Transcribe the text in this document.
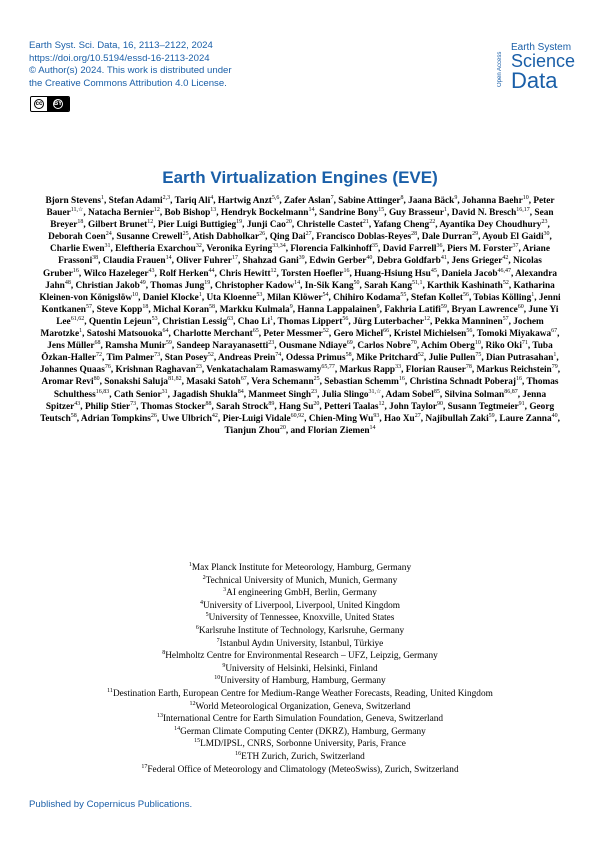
Earth Syst. Sci. Data, 16, 2113–2122, 2024
https://doi.org/10.5194/essd-16-2113-2024
© Author(s) 2024. This work is distributed under
the Creative Commons Attribution 4.0 License.
cc BY
Open Access
Earth System
Science
Data
Earth Virtualization Engines (EVE)
Bjorn Stevens$^1$, Stefan Adami$^{2,3}$, Tariq Ali$^4$, Hartwig Anzt$^{5,6}$, Zafer Aslan$^7$, Sabine Attinger$^8$, Jaana Bäck$^9$, Johanna Baehr$^{10}$, Peter Bauer$^{11,☆}$, Natacha Bernier$^{12}$, Bob Bishop$^{13}$, Hendryk Bockelmann$^{14}$, Sandrine Bony$^{15}$, Guy Brasseur$^1$, David N. Bresch$^{16,17}$, Sean Breyer$^{18}$, Gilbert Brunet$^{12}$, Pier Luigi Buttigieg$^{19}$, Junji Cao$^{20}$, Christelle Castet$^{21}$, Yafang Cheng$^{22}$, Ayantika Dey Choudhury$^{23}$, Deborah Coen$^{24}$, Susanne Crewell$^{25}$, Atish Dabholkar$^{26}$, Qing Dai$^{27}$, Francisco Doblas-Reyes$^{28}$, Dale Durran$^{29}$, Ayoub El Gaidi$^{30}$, Charlie Ewen$^{31}$, Eleftheria Exarchou$^{32}$, Veronika Eyring$^{33,34}$, Florencia Falkinhoff$^{35}$, David Farrell$^{36}$, Piers M. Forster$^{37}$, Ariane Frassoni$^{38}$, Claudia Frauen$^{14}$, Oliver Fuhrer$^{17}$, Shahzad Gani$^{39}$, Edwin Gerber$^{40}$, Debra Goldfarb$^{41}$, Jens Grieger$^{42}$, Nicolas Gruber$^{16}$, Wilco Hazeleger$^{43}$, Rolf Herken$^{44}$, Chris Hewitt$^{12}$, Torsten Hoefler$^{16}$, Huang-Hsiung Hsu$^{45}$, Daniela Jacob$^{46,47}$, Alexandra Jahn$^{48}$, Christian Jakob$^{49}$, Thomas Jung$^{19}$, Christopher Kadow$^{14}$, In-Sik Kang$^{50}$, Sarah Kang$^{51,1}$, Karthik Kashinath$^{52}$, Katharina Kleinen-von Königslöw$^{10}$, Daniel Klocke$^1$, Uta Kloenne$^{53}$, Milan Klöwer$^{54}$, Chihiro Kodama$^{55}$, Stefan Kollet$^{56}$, Tobias Kölling$^1$, Jenni Kontkanen$^{57}$, Steve Kopp$^{18}$, Michal Koran$^{58}$, Markku Kulmala$^9$, Hanna Lappalainen$^9$, Fakhria Latifi$^{59}$, Bryan Lawrence$^{60}$, June Yi Lee$^{61,62}$, Quentin Lejeun$^{53}$, Christian Lessig$^{63}$, Chao Li$^1$, Thomas Lippert$^{56}$, Jürg Luterbacher$^{12}$, Pekka Manninen$^{57}$, Jochem Marotzke$^1$, Satoshi Matsouoka$^{64}$, Charlotte Merchant$^{65}$, Peter Messmer$^{52}$, Gero Michel$^{66}$, Kristel Michielsen$^{56}$, Tomoki Miyakawa$^{67}$, Jens Müller$^{68}$, Ramsha Munir$^{59}$, Sandeep Narayanasetti$^{23}$, Ousmane Ndiaye$^{69}$, Carlos Nobre$^{70}$, Achim Oberg$^{10}$, Riko Oki$^{71}$, Tuba Özkan-Haller$^{72}$, Tim Palmer$^{73}$, Stan Posey$^{52}$, Andreas Prein$^{74}$, Odessa Primus$^{58}$, Mike Pritchard$^{52}$, Julie Pullen$^{75}$, Dian Putrasahan$^1$, Johannes Quaas$^{76}$, Krishnan Raghavan$^{23}$, Venkatachalam Ramaswamy$^{65,77}$, Markus Rapp$^{33}$, Florian Rauser$^{78}$, Markus Reichstein$^{79}$, Aromar Revi$^{80}$, Sonakshi Saluja$^{81,82}$, Masaki Satoh$^{67}$, Vera Schemann$^{25}$, Sebastian Schemm$^{16}$, Christina Schnadt Poberaj$^{16}$, Thomas Schulthess$^{16,83}$, Cath Senior$^{31}$, Jagadish Shukla$^{84}$, Manmeet Singh$^{23}$, Julia Slingo$^{31,☆}$, Adam Sobel$^{85}$, Silvina Solman$^{86,87}$, Jenna Spitzer$^{43}$, Philip Stier$^{73}$, Thomas Stocker$^{88}$, Sarah Strock$^{89}$, Hang Su$^{20}$, Petteri Taalas$^{12}$, John Taylor$^{90}$, Susann Tegtmeier$^{91}$, Georg Teutsch$^{58}$, Adrian Tompkins$^{26}$, Uwe Ulbrich$^{42}$, Pier-Luigi Vidale$^{60,92}$, Chien-Ming Wu$^{93}$, Hao Xu$^{27}$, Najibullah Zaki$^{59}$, Laure Zanna$^{40}$, Tianjun Zhou$^{20}$, and Florian Ziemen$^{14}$
$^1$Max Planck Institute for Meteorology, Hamburg, Germany
$^2$Technical University of Munich, Munich, Germany
$^3$AI engineering GmbH, Berlin, Germany
$^4$University of Liverpool, Liverpool, United Kingdom
$^5$University of Tennessee, Knoxville, United States
$^6$Karlsruhe Institute of Technology, Karlsruhe, Germany
$^7$Istanbul Aydın University, Istanbul, Türkiye
$^8$Helmholtz Centre for Environmental Research – UFZ, Leipzig, Germany
$^9$University of Helsinki, Helsinki, Finland
$^{10}$University of Hamburg, Hamburg, Germany
$^{11}$Destination Earth, European Centre for Medium-Range Weather Forecasts, Reading, United Kingdom
$^{12}$World Meteorological Organization, Geneva, Switzerland
$^{13}$International Centre for Earth Simulation Foundation, Geneva, Switzerland
$^{14}$German Climate Computing Center (DKRZ), Hamburg, Germany
$^{15}$LMD/IPSL, CNRS, Sorbonne University, Paris, France
$^{16}$ETH Zurich, Zurich, Switzerland
$^{17}$Federal Office of Meteorology and Climatology (MeteoSwiss), Zurich, Switzerland
Published by Copernicus Publications.
